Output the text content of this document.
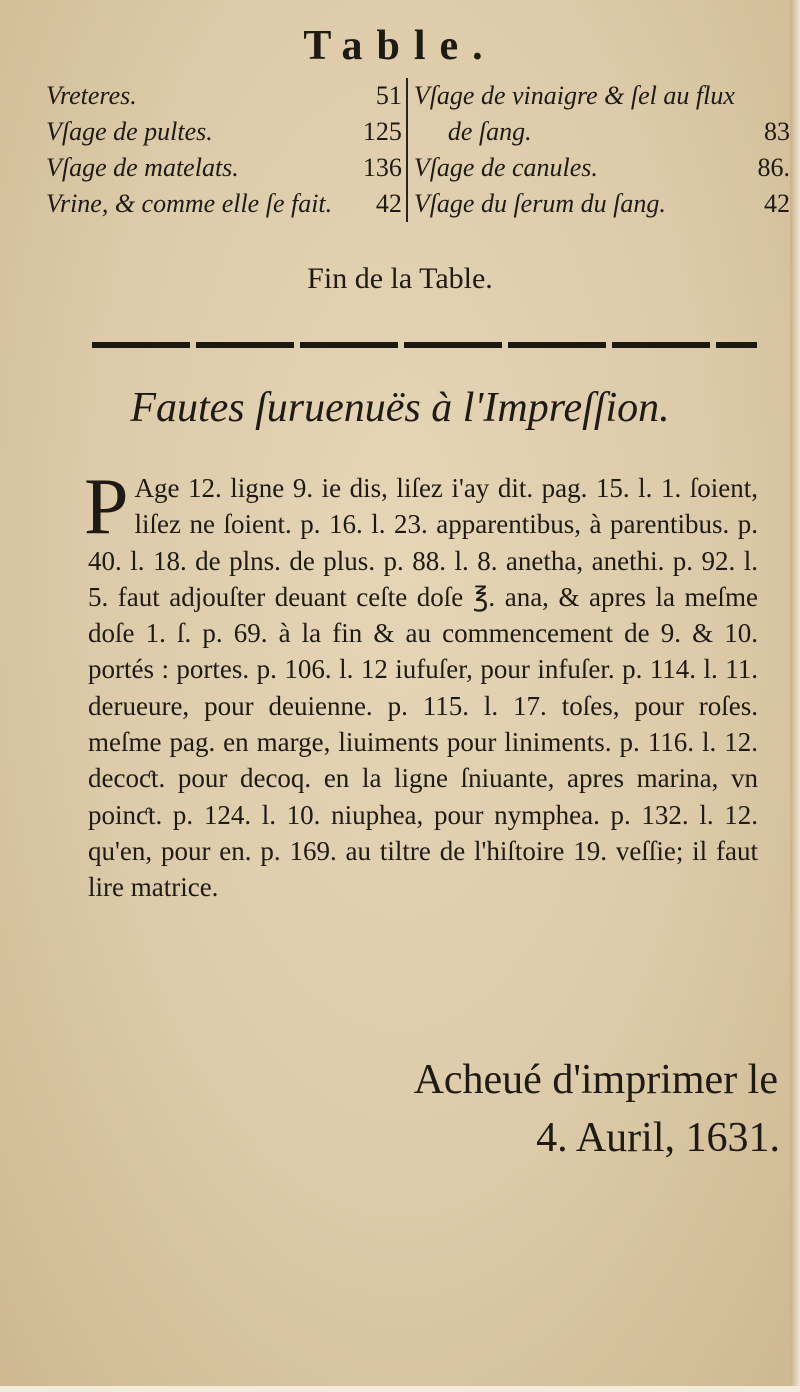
Table.
Vreteres.	51	Vſage de vinaigre & ſel au flux	
Vſage de pultes.	125	de ſang.	83
Vſage de matelats.	136	Vſage de canules.	86.
Vrine, & comme elle ſe fait.	42	Vſage du ſerum du ſang.	42
Fin de la Table.
Fautes ſuruenuës à l'Impreſſion.
P Age 12. ligne 9. ie dis, liſez i'ay dit. pag. 15. l. 1. ſoient, liſez ne ſoient. p. 16. l. 23. apparentibus, à parentibus. p. 40. l. 18. de plns. de plus. p. 88. l. 8. anetha, anethi. p. 92. l. 5. faut adjouſter deuant ceſte doſe ℥. ana, & apres la meſme doſe 1. ſ. p. 69. à la fin & au commencement de 9. & 10. portés : portes. p. 106. l. 12 iufuſer, pour infuſer. p. 114. l. 11. derueure, pour deuienne. p. 115. l. 17. toſes, pour roſes. meſme pag. en marge, liuiments pour liniments. p. 116. l. 12. decoƈt. pour decoq. en la ligne ſniuante, apres marina, vn poinƈt. p. 124. l. 10. niuphea, pour nymphea. p. 132. l. 12. qu'en, pour en. p. 169. au tiltre de l'hiſtoire 19. veſſie; il faut lire matrice.
Acheué d'imprimer le
4. Auril, 1631.
